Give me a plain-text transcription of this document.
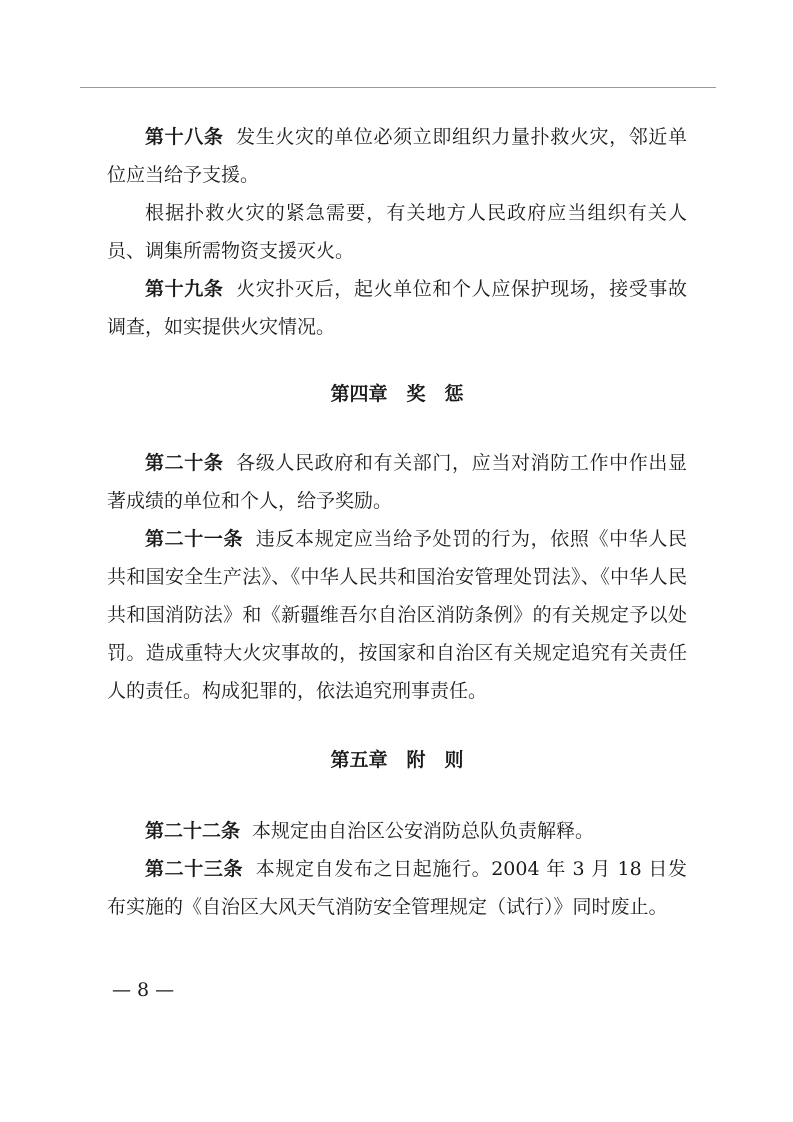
第十八条 发生火灾的单位必须立即组织力量扑救火灾，邻近单位应当给予支援。

根据扑救火灾的紧急需要，有关地方人民政府应当组织有关人员、调集所需物资支援灭火。

第十九条 火灾扑灭后，起火单位和个人应保护现场，接受事故调查，如实提供火灾情况。

第四章　奖　惩

第二十条 各级人民政府和有关部门，应当对消防工作中作出显著成绩的单位和个人，给予奖励。

第二十一条 违反本规定应当给予处罚的行为，依照《中华人民共和国安全生产法》、《中华人民共和国治安管理处罚法》、《中华人民共和国消防法》和《新疆维吾尔自治区消防条例》的有关规定予以处罚。造成重特大火灾事故的，按国家和自治区有关规定追究有关责任人的责任。构成犯罪的，依法追究刑事责任。

第五章　附　则

第二十二条 本规定由自治区公安消防总队负责解释。

第二十三条 本规定自发布之日起施行。2004 年 3 月 18 日发布实施的《自治区大风天气消防安全管理规定（试行）》同时废止。

— 8 —
